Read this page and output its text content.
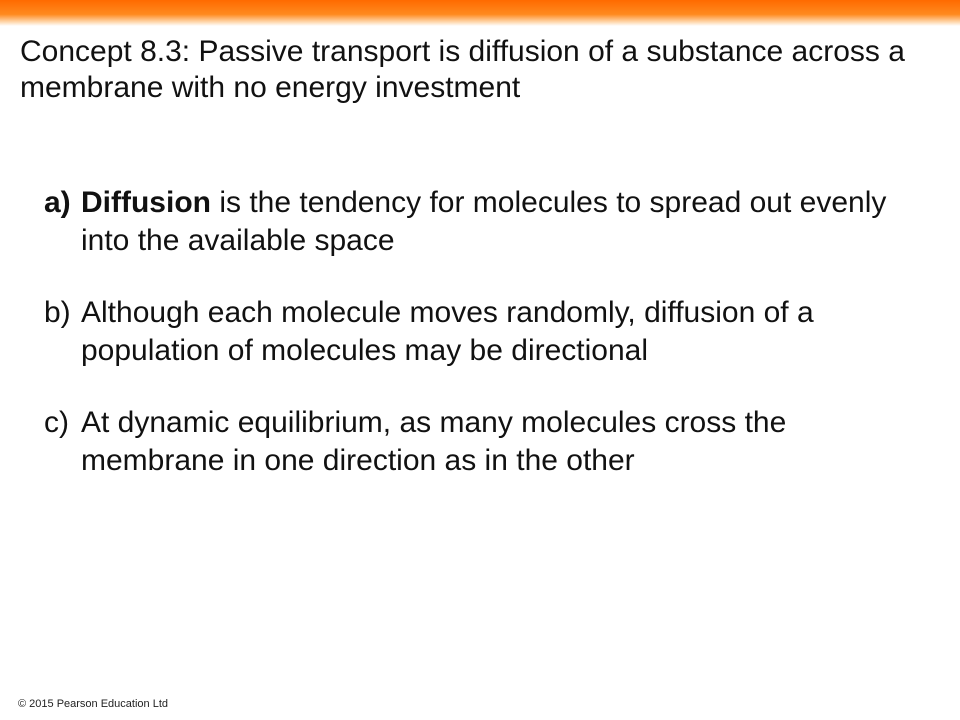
Concept 8.3: Passive transport is diffusion of a substance across a membrane with no energy investment
a) Diffusion is the tendency for molecules to spread out evenly into the available space
b) Although each molecule moves randomly, diffusion of a population of molecules may be directional
c) At dynamic equilibrium, as many molecules cross the membrane in one direction as in the other
© 2015 Pearson Education Ltd
